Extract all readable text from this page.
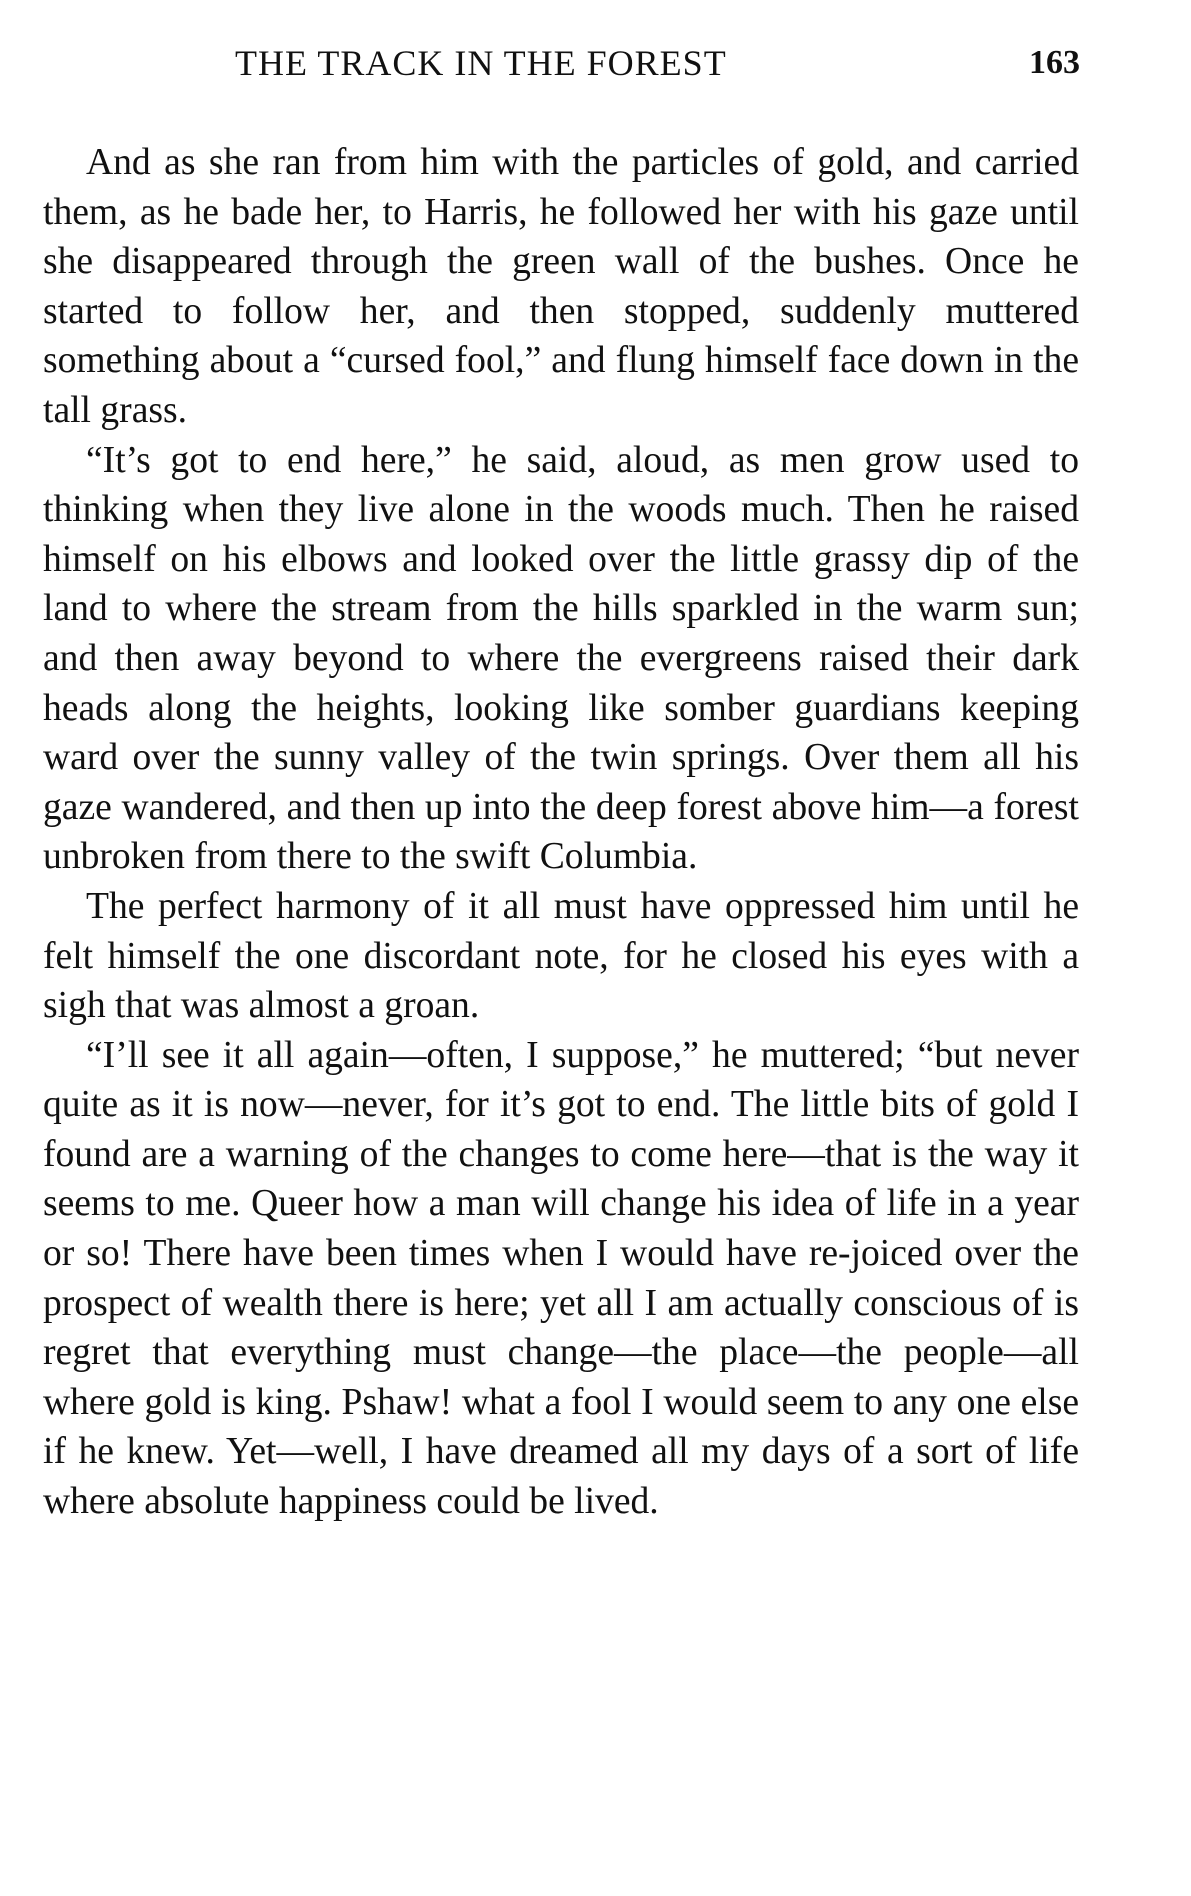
THE TRACK IN THE FOREST	163

And as she ran from him with the particles of gold, and carried them, as he bade her, to Harris, he followed her with his gaze until she disappeared through the green wall of the bushes. Once he started to follow her, and then stopped, suddenly muttered something about a “cursed fool,” and flung himself face down in the tall grass.

“It’s got to end here,” he said, aloud, as men grow used to thinking when they live alone in the woods much. Then he raised himself on his elbows and looked over the little grassy dip of the land to where the stream from the hills sparkled in the warm sun; and then away beyond to where the evergreens raised their dark heads along the heights, looking like somber guardians keeping ward over the sunny valley of the twin springs. Over them all his gaze wandered, and then up into the deep forest above him—a forest unbroken from there to the swift Columbia.

The perfect harmony of it all must have oppressed him until he felt himself the one discordant note, for he closed his eyes with a sigh that was almost a groan.

“I’ll see it all again—often, I suppose,” he muttered; “but never quite as it is now—never, for it’s got to end. The little bits of gold I found are a warning of the changes to come here—that is the way it seems to me. Queer how a man will change his idea of life in a year or so! There have been times when I would have re-joiced over the prospect of wealth there is here; yet all I am actually conscious of is regret that everything must change—the place—the people—all where gold is king. Pshaw! what a fool I would seem to any one else if he knew. Yet—well, I have dreamed all my days of a sort of life where absolute happiness could be lived.
